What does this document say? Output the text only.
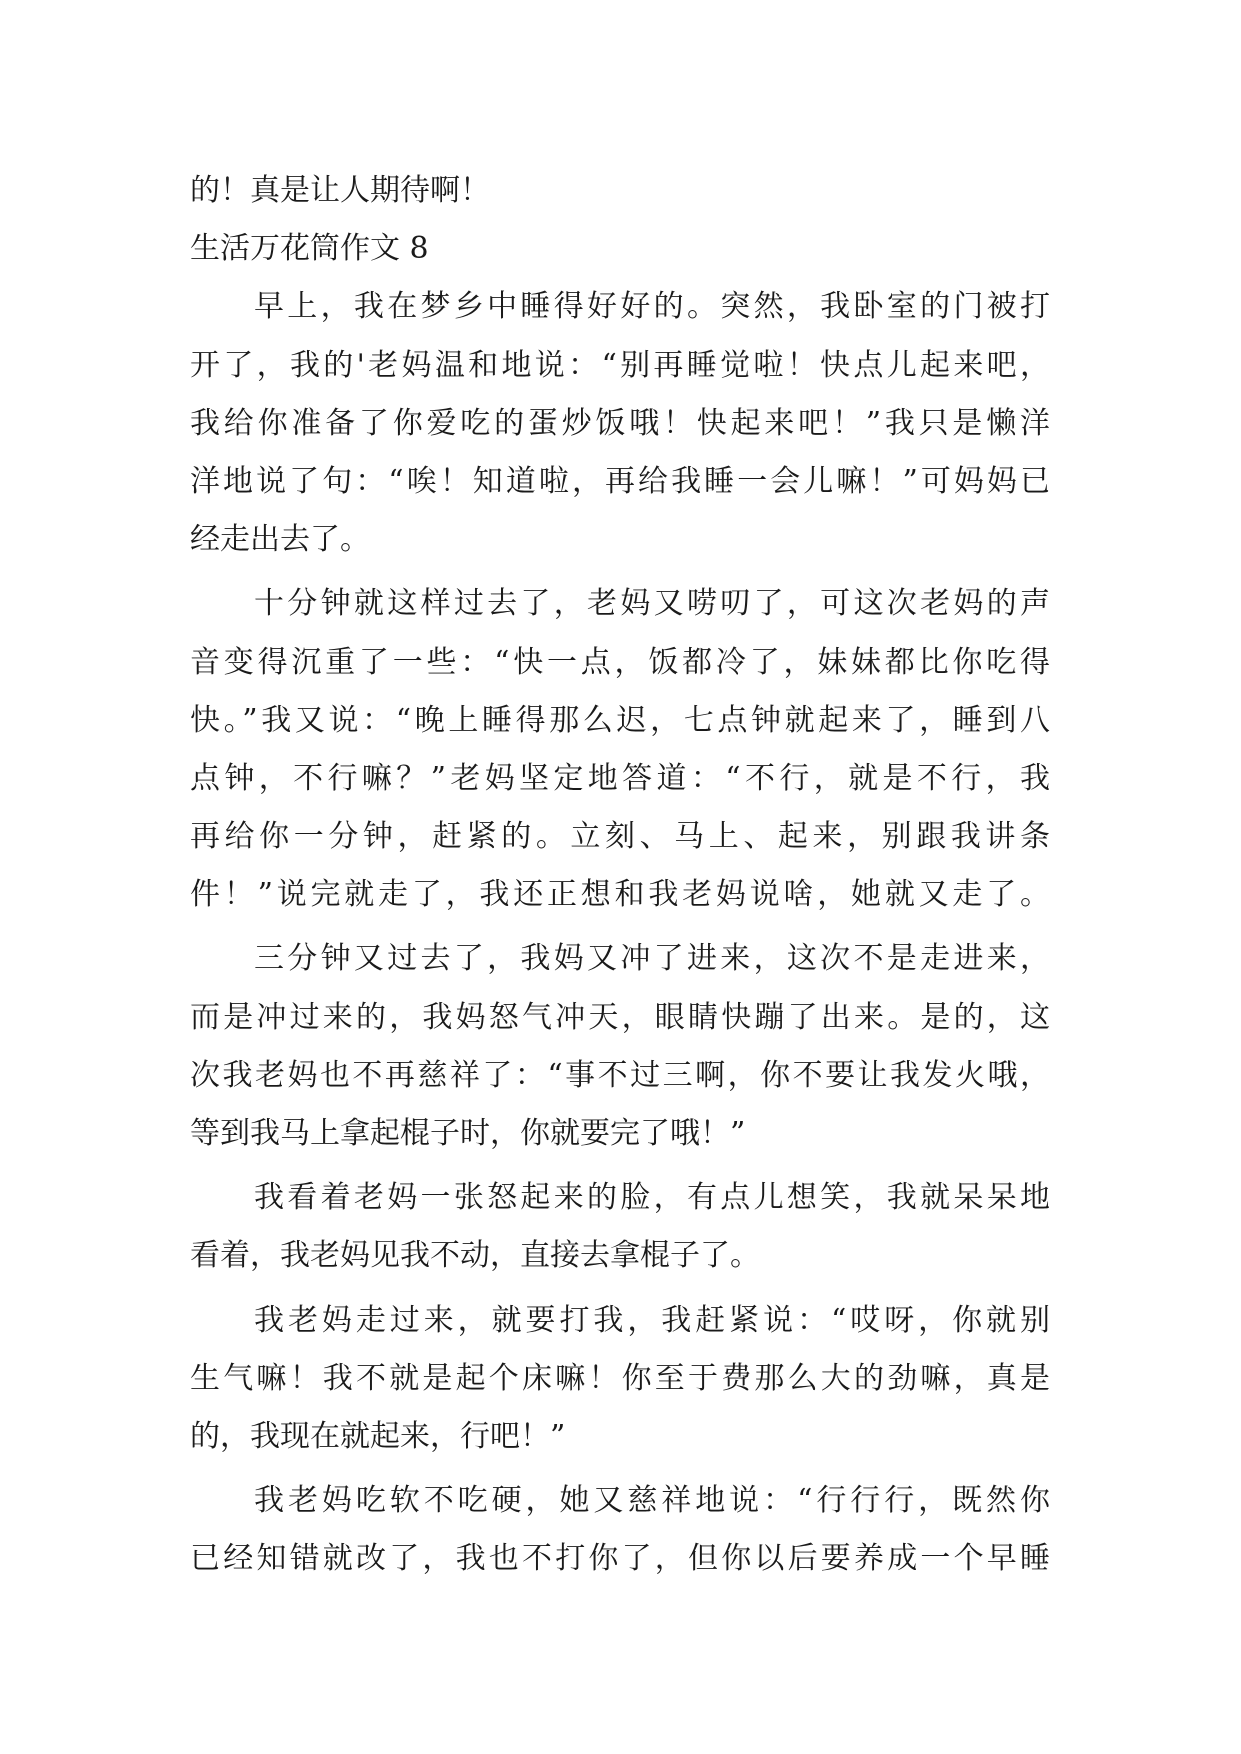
的！真是让人期待啊！
生活万花筒作文 8
早上，我在梦乡中睡得好好的。突然，我卧室的门被打
开了，我的'老妈温和地说：“别再睡觉啦！快点儿起来吧，
我给你准备了你爱吃的蛋炒饭哦！快起来吧！”我只是懒洋
洋地说了句：“唉！知道啦，再给我睡一会儿嘛！”可妈妈已
经走出去了。
十分钟就这样过去了，老妈又唠叨了，可这次老妈的声
音变得沉重了一些：“快一点，饭都冷了，妹妹都比你吃得
快。”我又说：“晚上睡得那么迟，七点钟就起来了，睡到八
点钟，不行嘛？”老妈坚定地答道：“不行，就是不行，我
再给你一分钟，赶紧的。立刻、马上、起来，别跟我讲条
件！”说完就走了，我还正想和我老妈说啥，她就又走了。
三分钟又过去了，我妈又冲了进来，这次不是走进来，
而是冲过来的，我妈怒气冲天，眼睛快蹦了出来。是的，这
次我老妈也不再慈祥了：“事不过三啊，你不要让我发火哦，
等到我马上拿起棍子时，你就要完了哦！”
我看着老妈一张怒起来的脸，有点儿想笑，我就呆呆地
看着，我老妈见我不动，直接去拿棍子了。
我老妈走过来，就要打我，我赶紧说：“哎呀，你就别
生气嘛！我不就是起个床嘛！你至于费那么大的劲嘛，真是
的，我现在就起来，行吧！”
我老妈吃软不吃硬，她又慈祥地说：“行行行，既然你
已经知错就改了，我也不打你了，但你以后要养成一个早睡
